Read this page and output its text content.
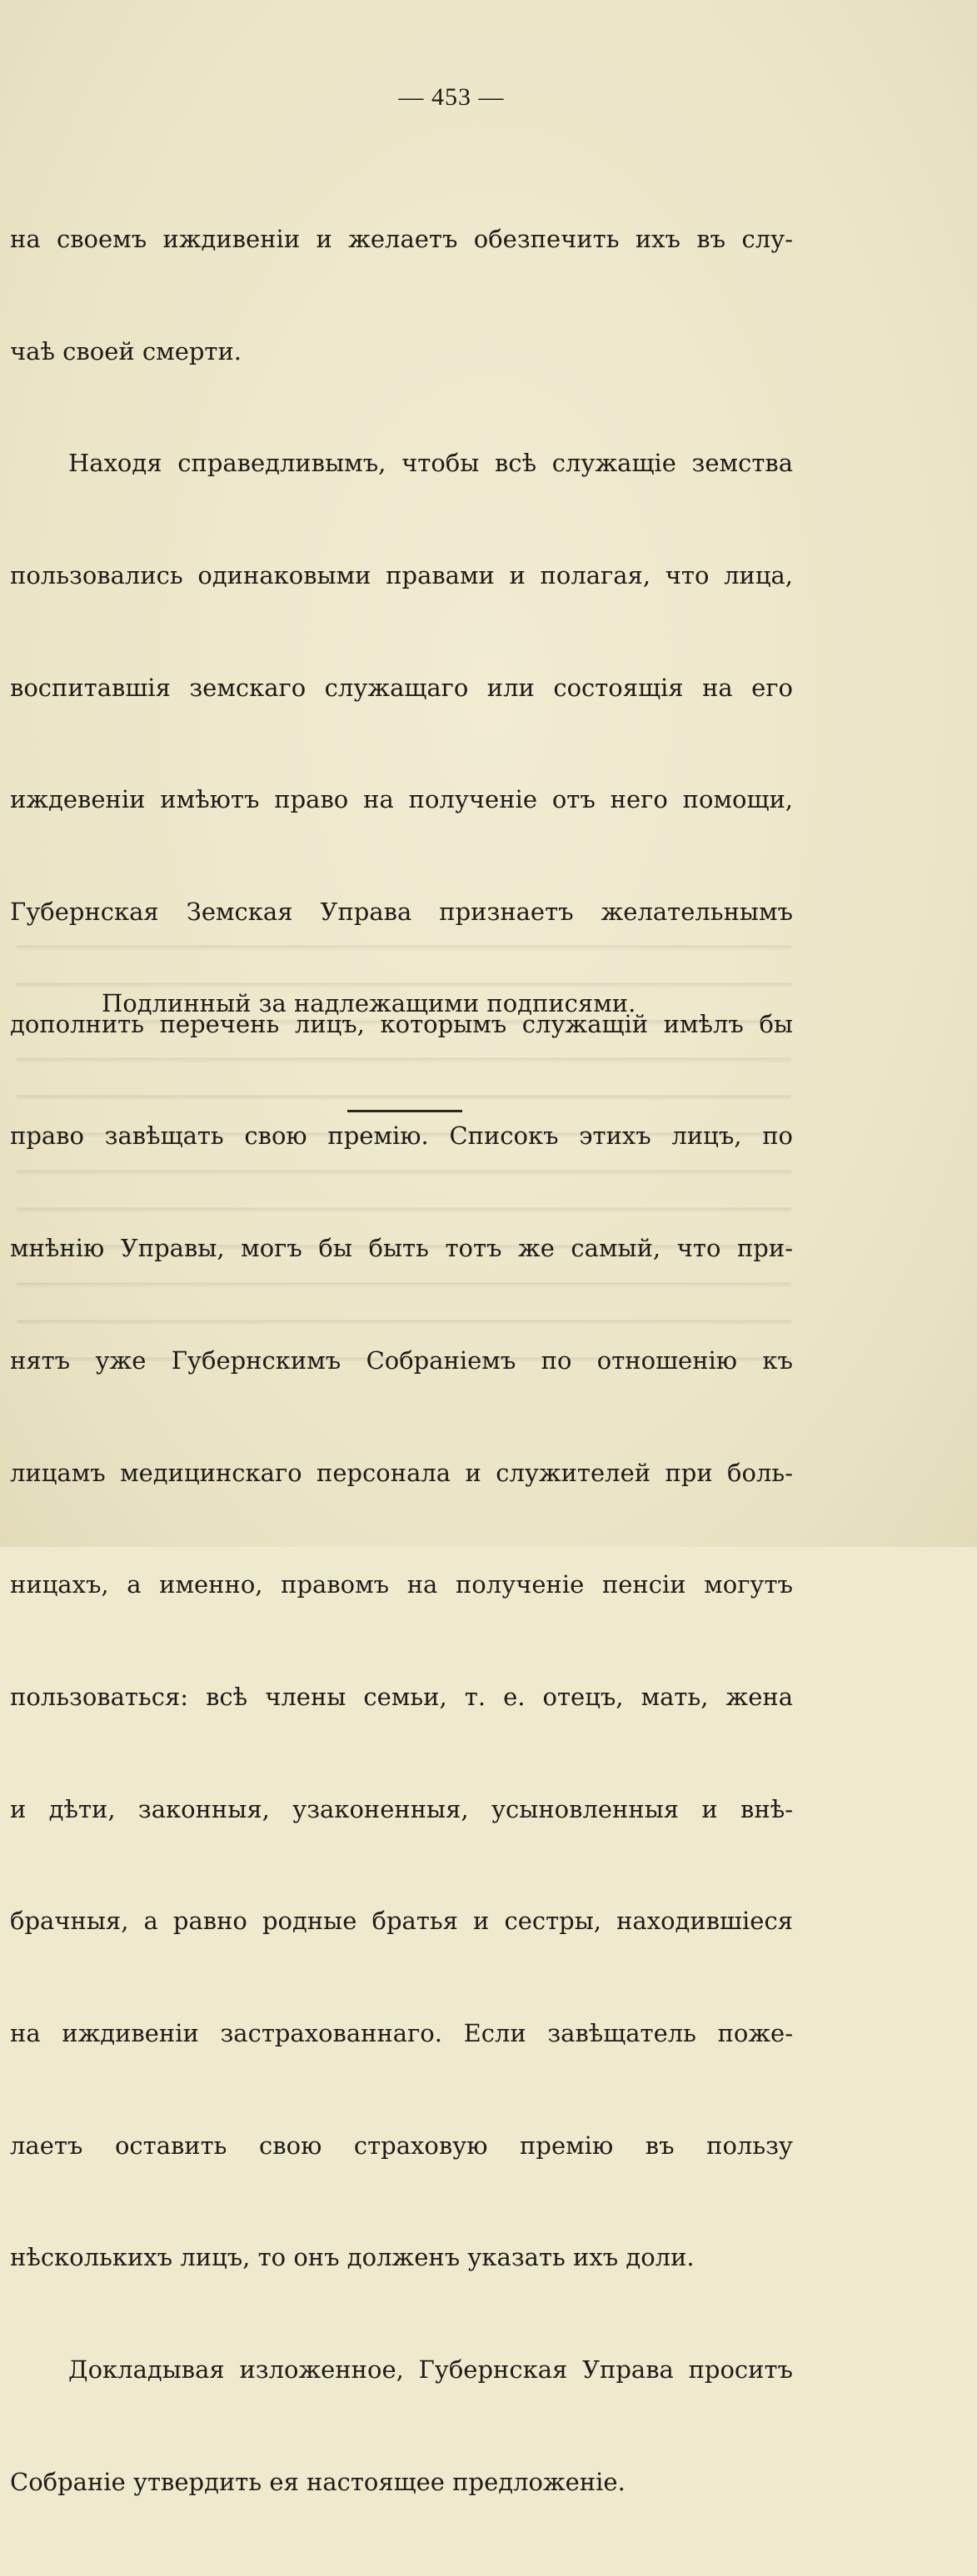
— 453 —

на своемъ иждивенiи и желаетъ обезпечить ихъ въ слу-

чаѣ своей смерти.

Находя справедливымъ, чтобы всѣ служащiе земства

пользовались одинаковыми правами и полагая, что лица,

воспитавшiя земскаго служащаго или состоящiя на его

иждевенiи имѣютъ право на полученiе отъ него помощи,

Губернская Земская Управа признаетъ желательнымъ

дополнить перечень лицъ, которымъ служащiй имѣлъ бы

право завѣщать свою премiю. Списокъ этихъ лицъ, по

мнѣнiю Управы, могъ бы быть тотъ же самый, что при-

нятъ уже Губернскимъ Собранiемъ по отношенiю къ

лицамъ медицинскаго персонала и служителей при боль-

ницахъ, а именно, правомъ на полученiе пенсiи могутъ

пользоваться: всѣ члены семьи, т. е. отецъ, мать, жена

и дѣти, законныя, узаконенныя, усыновленныя и внѣ-

брачныя, а равно родные братья и сестры, находившiеся

на иждивенiи застрахованнаго. Если завѣщатель поже-

лаетъ оставить свою страховую премiю въ пользу

нѣсколькихъ лицъ, то онъ долженъ указать ихъ доли.

Докладывая изложенное, Губернская Управа проситъ

Собранiе утвердить ея настоящее предложенiе.

Подлинный за надлежащими подписями.
